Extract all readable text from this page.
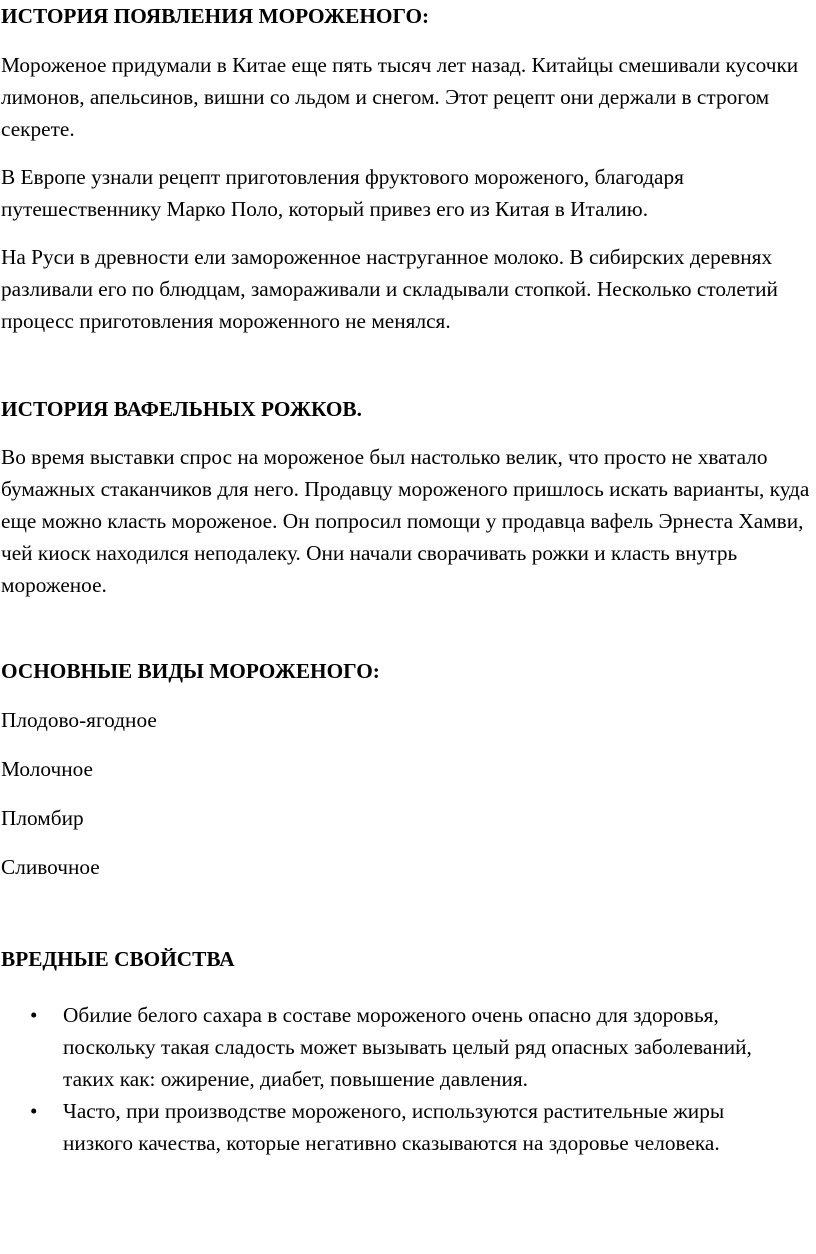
ИСТОРИЯ ПОЯВЛЕНИЯ МОРОЖЕНОГО:

Мороженое придумали в Китае еще пять тысяч лет назад. Китайцы смешивали кусочки лимонов, апельсинов, вишни со льдом и снегом. Этот рецепт они держали в строгом секрете.

В Европе узнали рецепт приготовления фруктового мороженого, благодаря путешественнику Марко Поло, который привез его из Китая в Италию.

На Руси в древности ели замороженное наструганное молоко. В сибирских деревнях разливали его по блюдцам, замораживали и складывали стопкой. Несколько столетий процесс приготовления мороженного не менялся.

ИСТОРИЯ ВАФЕЛЬНЫХ РОЖКОВ.

Во время выставки спрос на мороженое был настолько велик, что просто не хватало бумажных стаканчиков для него. Продавцу мороженого пришлось искать варианты, куда еще можно класть мороженое. Он попросил помощи у продавца вафель Эрнеста Хамви, чей киоск находился неподалеку. Они начали сворачивать рожки и класть внутрь мороженое.

ОСНОВНЫЕ ВИДЫ МОРОЖЕНОГО:

Плодово-ягодное

Молочное

Пломбир

Сливочное

ВРЕДНЫЕ СВОЙСТВА

• Обилие белого сахара в составе мороженого очень опасно для здоровья, поскольку такая сладость может вызывать целый ряд опасных заболеваний, таких как: ожирение, диабет, повышение давления.
• Часто, при производстве мороженого, используются растительные жиры низкого качества, которые негативно сказываются на здоровье человека.
